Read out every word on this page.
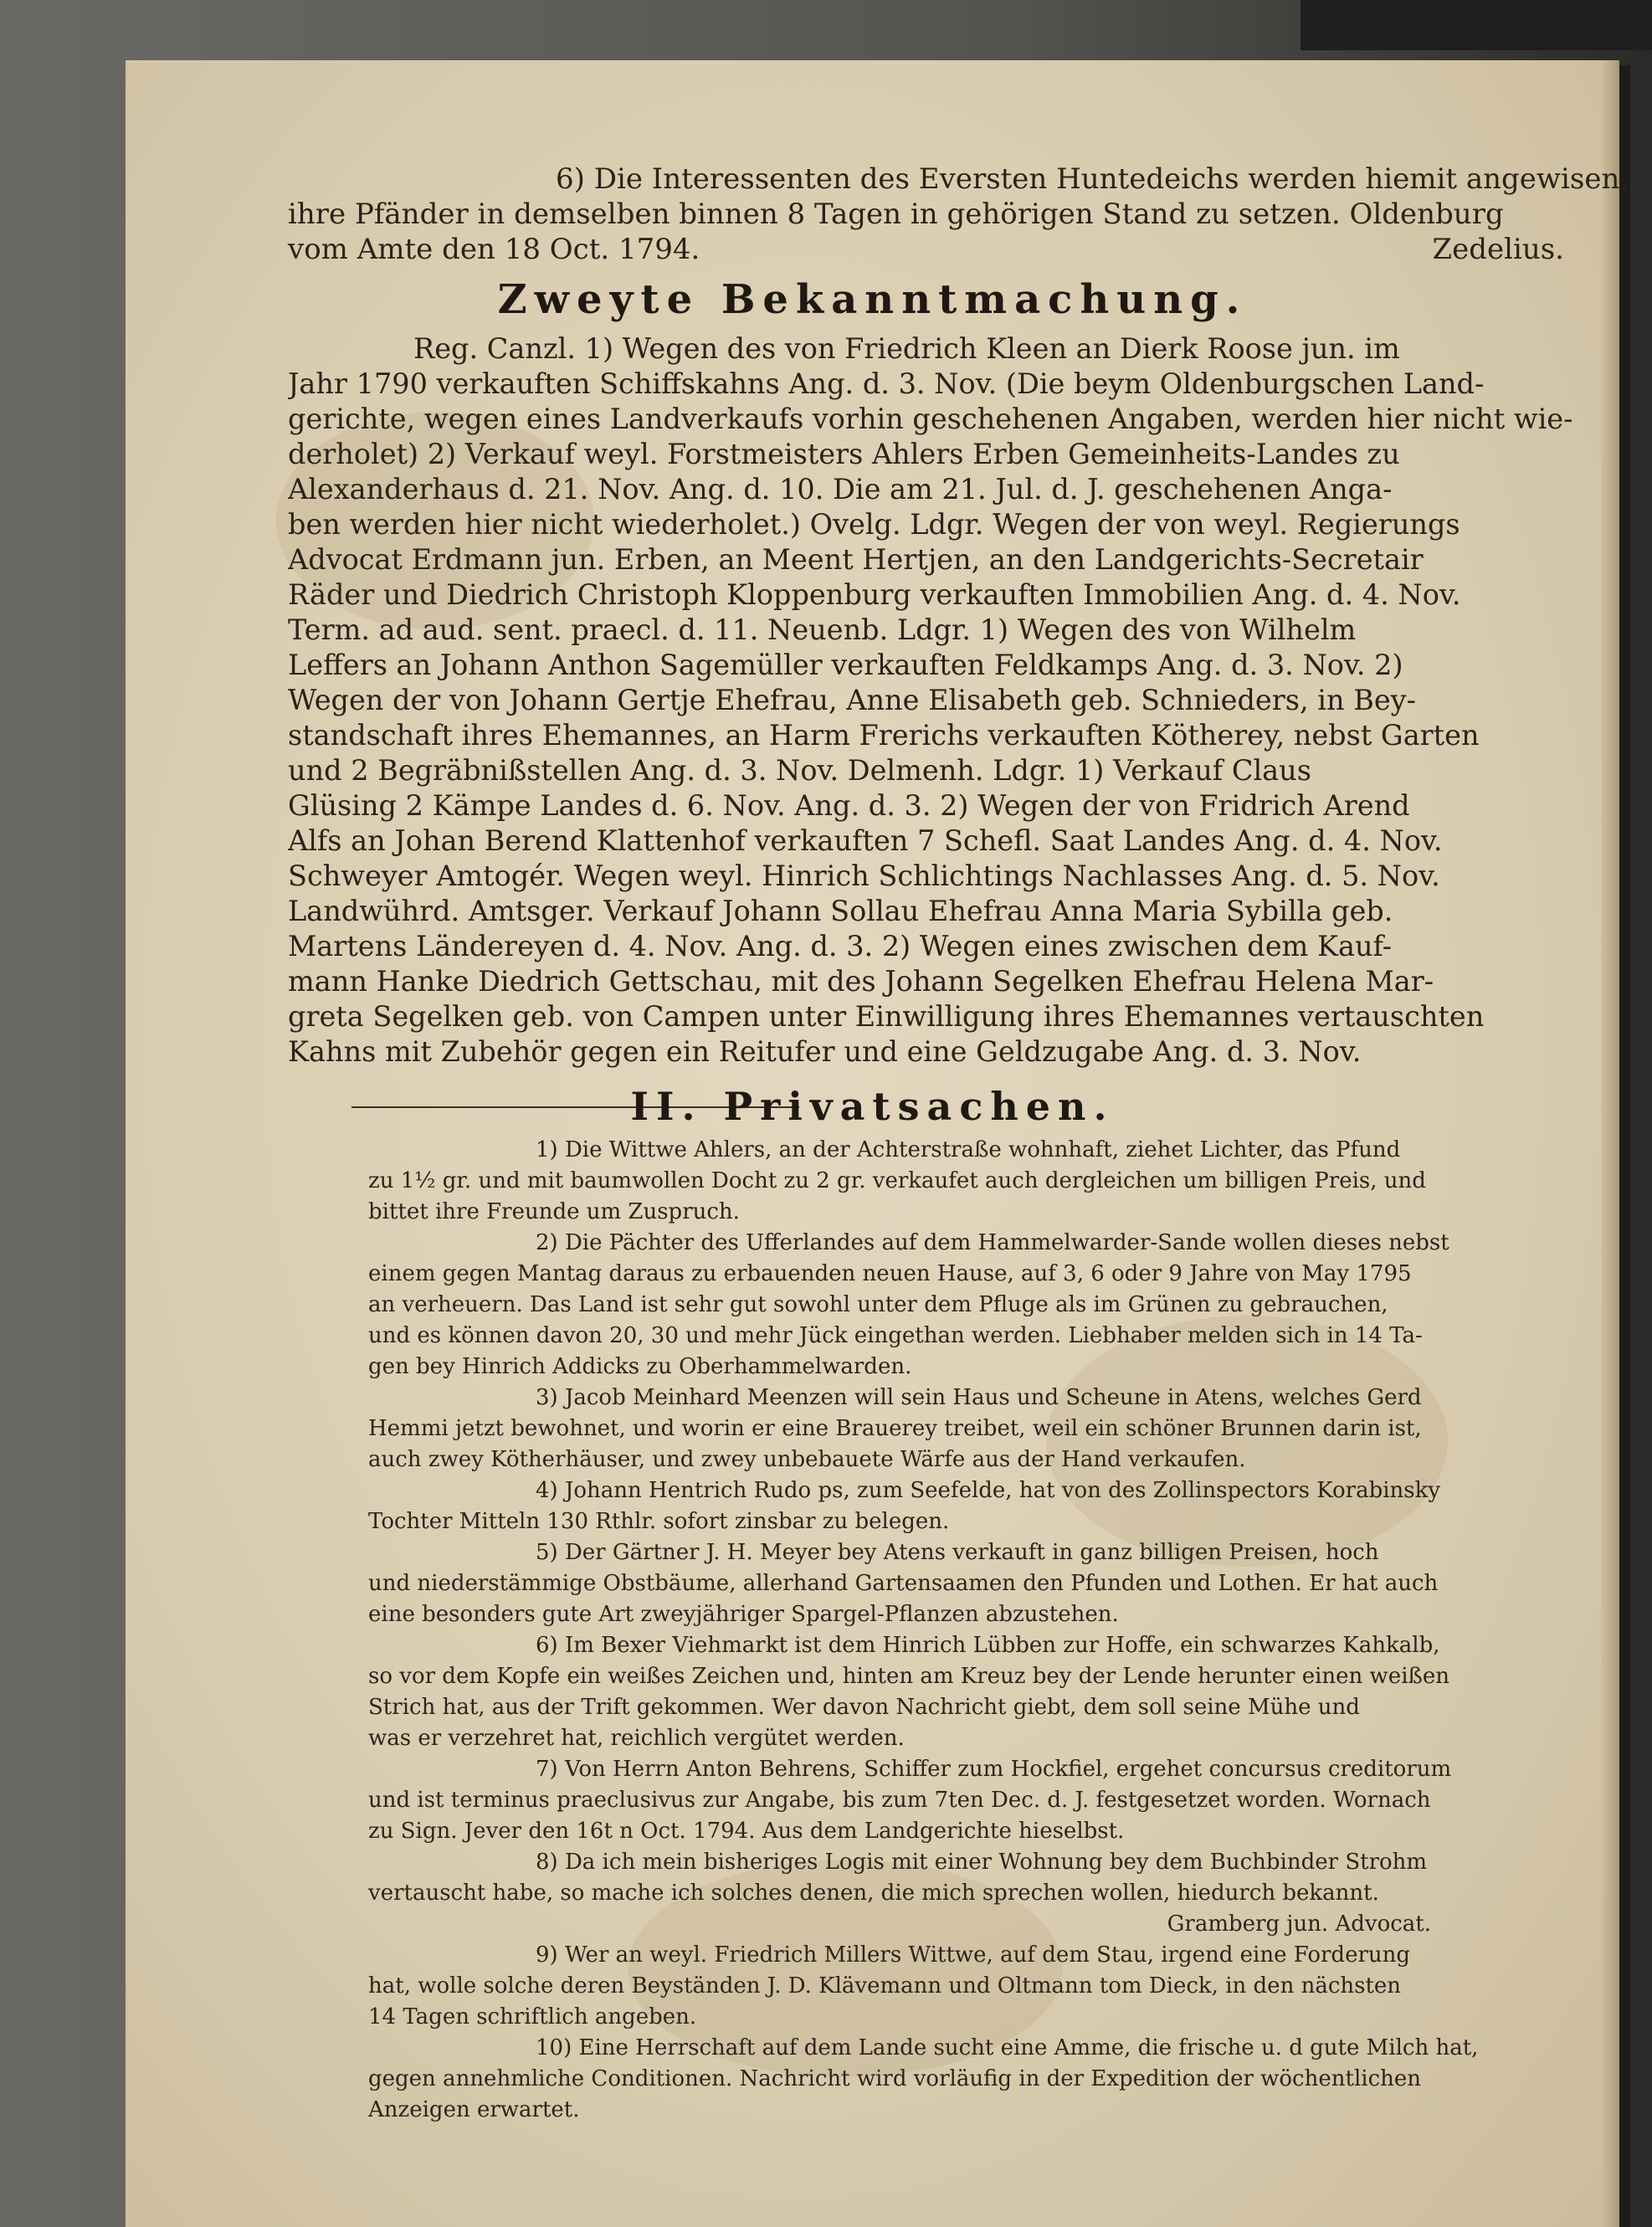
6) Die Interessenten des Eversten Huntedeichs werden hiemit angewisen,
ihre Pfänder in demselben binnen 8 Tagen in gehörigen Stand zu setzen. Oldenburg
vom Amte den 18 Oct. 1794.	Zedelius.
Zweyte Bekanntmachung.
Reg. Canzl. 1) Wegen des von Friedrich Kleen an Dierk Roose jun. im
Jahr 1790 verkauften Schiffskahns Ang. d. 3. Nov. (Die beym Oldenburgschen Land-
gerichte, wegen eines Landverkaufs vorhin geschehenen Angaben, werden hier nicht wie-
derholet) 2) Verkauf weyl. Forstmeisters Ahlers Erben Gemeinheits-Landes zu
Alexanderhaus d. 21. Nov. Ang. d. 10. Die am 21. Jul. d. J. geschehenen Anga-
ben werden hier nicht wiederholet.) Ovelg. Ldgr. Wegen der von weyl. Regierungs
Advocat Erdmann jun. Erben, an Meent Hertjen, an den Landgerichts-Secretair
Räder und Diedrich Christoph Kloppenburg verkauften Immobilien Ang. d. 4. Nov.
Term. ad aud. sent. praecl. d. 11. Neuenb. Ldgr. 1) Wegen des von Wilhelm
Leffers an Johann Anthon Sagemüller verkauften Feldkamps Ang. d. 3. Nov. 2)
Wegen der von Johann Gertje Ehefrau, Anne Elisabeth geb. Schnieders, in Bey-
standschaft ihres Ehemannes, an Harm Frerichs verkauften Kötherey, nebst Garten
und 2 Begräbnißstellen Ang. d. 3. Nov. Delmenh. Ldgr. 1) Verkauf Claus
Glüsing 2 Kämpe Landes d. 6. Nov. Ang. d. 3. 2) Wegen der von Fridrich Arend
Alfs an Johan Berend Klattenhof verkauften 7 Schefl. Saat Landes Ang. d. 4. Nov.
Schweyer Amtogér. Wegen weyl. Hinrich Schlichtings Nachlasses Ang. d. 5. Nov.
Landwührd. Amtsger. Verkauf Johann Sollau Ehefrau Anna Maria Sybilla geb.
Martens Ländereyen d. 4. Nov. Ang. d. 3. 2) Wegen eines zwischen dem Kauf-
mann Hanke Diedrich Gettschau, mit des Johann Segelken Ehefrau Helena Mar-
greta Segelken geb. von Campen unter Einwilligung ihres Ehemannes vertauschten
Kahns mit Zubehör gegen ein Reitufer und eine Geldzugabe Ang. d. 3. Nov.
II. Privatsachen.
1) Die Wittwe Ahlers, an der Achterstraße wohnhaft, ziehet Lichter, das Pfund
zu 1½ gr. und mit baumwollen Docht zu 2 gr. verkaufet auch dergleichen um billigen Preis, und
bittet ihre Freunde um Zuspruch.
2) Die Pächter des Ufferlandes auf dem Hammelwarder-Sande wollen dieses nebst
einem gegen Mantag daraus zu erbauenden neuen Hause, auf 3, 6 oder 9 Jahre von May 1795
an verheuern. Das Land ist sehr gut sowohl unter dem Pfluge als im Grünen zu gebrauchen,
und es können davon 20, 30 und mehr Jück eingethan werden. Liebhaber melden sich in 14 Ta-
gen bey Hinrich Addicks zu Oberhammelwarden.
3) Jacob Meinhard Meenzen will sein Haus und Scheune in Atens, welches Gerd
Hemmi jetzt bewohnet, und worin er eine Brauerey treibet, weil ein schöner Brunnen darin ist,
auch zwey Kötherhäuser, und zwey unbebauete Wärfe aus der Hand verkaufen.
4) Johann Hentrich Rudo ps, zum Seefelde, hat von des Zollinspectors Korabinsky
Tochter Mitteln 130 Rthlr. sofort zinsbar zu belegen.
5) Der Gärtner J. H. Meyer bey Atens verkauft in ganz billigen Preisen, hoch
und niederstämmige Obstbäume, allerhand Gartensaamen den Pfunden und Lothen. Er hat auch
eine besonders gute Art zweyjähriger Spargel-Pflanzen abzustehen.
6) Im Bexer Viehmarkt ist dem Hinrich Lübben zur Hoffe, ein schwarzes Kahkalb,
so vor dem Kopfe ein weißes Zeichen und, hinten am Kreuz bey der Lende herunter einen weißen
Strich hat, aus der Trift gekommen. Wer davon Nachricht giebt, dem soll seine Mühe und
was er verzehret hat, reichlich vergütet werden.
7) Von Herrn Anton Behrens, Schiffer zum Hockfiel, ergehet concursus creditorum
und ist terminus praeclusivus zur Angabe, bis zum 7ten Dec. d. J. festgesetzet worden. Wornach
zu Sign. Jever den 16t n Oct. 1794. Aus dem Landgerichte hieselbst.
8) Da ich mein bisheriges Logis mit einer Wohnung bey dem Buchbinder Strohm
vertauscht habe, so mache ich solches denen, die mich sprechen wollen, hiedurch bekannt.
Gramberg jun. Advocat.
9) Wer an weyl. Friedrich Millers Wittwe, auf dem Stau, irgend eine Forderung
hat, wolle solche deren Beyständen J. D. Klävemann und Oltmann tom Dieck, in den nächsten
14 Tagen schriftlich angeben.
10) Eine Herrschaft auf dem Lande sucht eine Amme, die frische u. d gute Milch hat,
gegen annehmliche Conditionen. Nachricht wird vorläufig in der Expedition der wöchentlichen
Anzeigen erwartet.
